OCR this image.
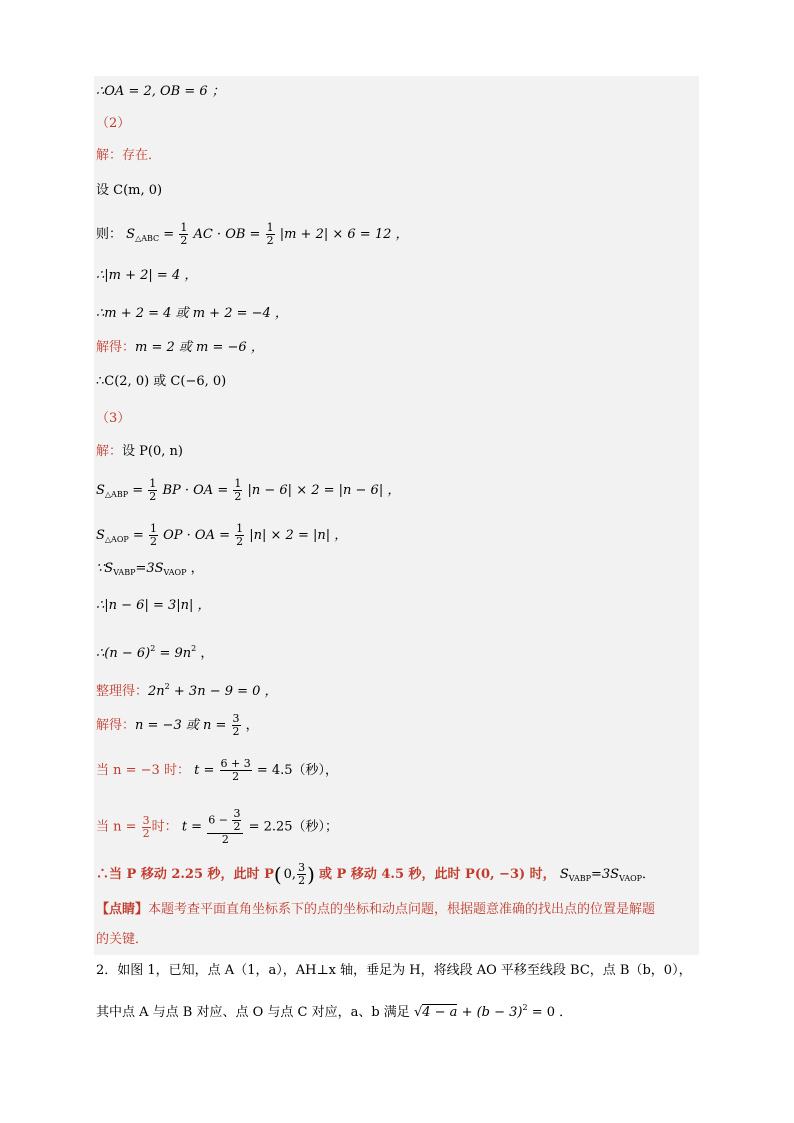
∴OA = 2, OB = 6 ；
（2）
解：存在．
设 C(m, 0)
则： $S_{\triangle ABC} = \frac{1}{2}$ AC · OB = $\frac{1}{2} |m + 2| \times 6 = 12$ ，
∴|m + 2| = 4 ，
∴m + 2 = 4 或 m + 2 = −4 ，
解得：m = 2 或 m = −6 ，
∴C(2, 0) 或 C(−6, 0)
（3）
解：设 P(0, n)
$S_{\triangle ABP} = \frac{1}{2}$ BP · OA = $\frac{1}{2} |n - 6| \times 2 = |n - 6|$ ，
$S_{\triangle AOP} = \frac{1}{2}$ OP · OA = $\frac{1}{2} |n| \times 2 = |n|$ ，
$\because S_{VABP}=3S_{VAOP}$ ，
∴|n − 6| = 3|n| ，
∴(n − $6)^2 = 9n^2$ ，
整理得：$2n^2 + 3n - 9 = 0$ ，
解得：n = −3 或 $n = \frac{3}{2}$ ，
当 n = −3 时： $t = \frac{6 + 3}{2} = 4.5$（秒），
当 $n = \frac{3}{2}$ 时： $t = \frac{6 - \frac{3}{2}}{2} = 2.25$（秒）；
∴当 P 移动 2.25 秒，此时 P( 0, $\frac{3}{2}$ ) 或 P 移动 4.5 秒，此时 P(0, −3) 时， $S_{VABP}=3S_{VAOP}$．
【点睛】本题考查平面直角坐标系下的点的坐标和动点问题，根据题意准确的找出点的位置是解题
的关键．
2．如图 1，已知，点 A（1，a），AH⊥x 轴，垂足为 H，将线段 AO 平移至线段 BC，点 B（b，0），
其中点 A 与点 B 对应、点 O 与点 C 对应，a、b 满足 $√4 - a + (b - 3)^2 = 0$ ．
